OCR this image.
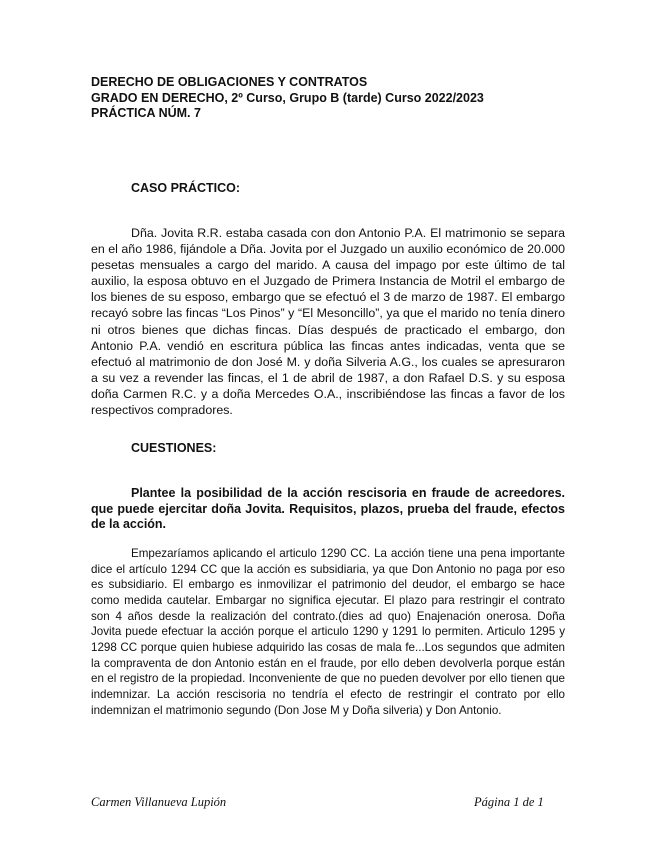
DERECHO DE OBLIGACIONES Y CONTRATOS
GRADO EN DERECHO, 2º Curso, Grupo B (tarde) Curso 2022/2023
PRÁCTICA NÚM. 7
CASO PRÁCTICO:

Dña. Jovita R.R. estaba casada con don Antonio P.A. El matrimonio se separa en el año 1986, fijándole a Dña. Jovita por el Juzgado un auxilio económico de 20.000 pesetas mensuales a cargo del marido. A causa del impago por este último de tal auxilio, la esposa obtuvo en el Juzgado de Primera Instancia de Motril el embargo de los bienes de su esposo, embargo que se efectuó el 3 de marzo de 1987. El embargo recayó sobre las fincas “Los Pinos” y “El Mesoncillo”, ya que el marido no tenía dinero ni otros bienes que dichas fincas. Días después de practicado el embargo, don Antonio P.A. vendió en escritura pública las fincas antes indicadas, venta que se efectuó al matrimonio de don José M. y doña Silveria A.G., los cuales se apresuraron a su vez a revender las fincas, el 1 de abril de 1987, a don Rafael D.S. y su esposa doña Carmen R.C. y a doña Mercedes O.A., inscribiéndose las fincas a favor de los respectivos compradores.

CUESTIONES:

Plantee la posibilidad de la acción rescisoria en fraude de acreedores. que puede ejercitar doña Jovita. Requisitos, plazos, prueba del fraude, efectos de la acción.

Empezaríamos aplicando el articulo 1290 CC. La acción tiene una pena importante dice el artículo 1294 CC que la acción es subsidiaria, ya que Don Antonio no paga por eso es subsidiario. El embargo es inmovilizar el patrimonio del deudor, el embargo se hace como medida cautelar. Embargar no significa ejecutar. El plazo para restringir el contrato son 4 años desde la realización del contrato.(dies ad quo) Enajenación onerosa. Doña Jovita puede efectuar la acción porque el articulo 1290 y 1291 lo permiten. Articulo 1295 y 1298 CC porque quien hubiese adquirido las cosas de mala fe...Los segundos que admiten la compraventa de don Antonio están en el fraude, por ello deben devolverla porque están en el registro de la propiedad. Inconveniente de que no pueden devolver por ello tienen que indemnizar. La acción rescisoria no tendría el efecto de restringir el contrato por ello indemnizan el matrimonio segundo (Don Jose M y Doña silveria) y Don Antonio.

Carmen Villanueva Lupión	Página 1 de 1
